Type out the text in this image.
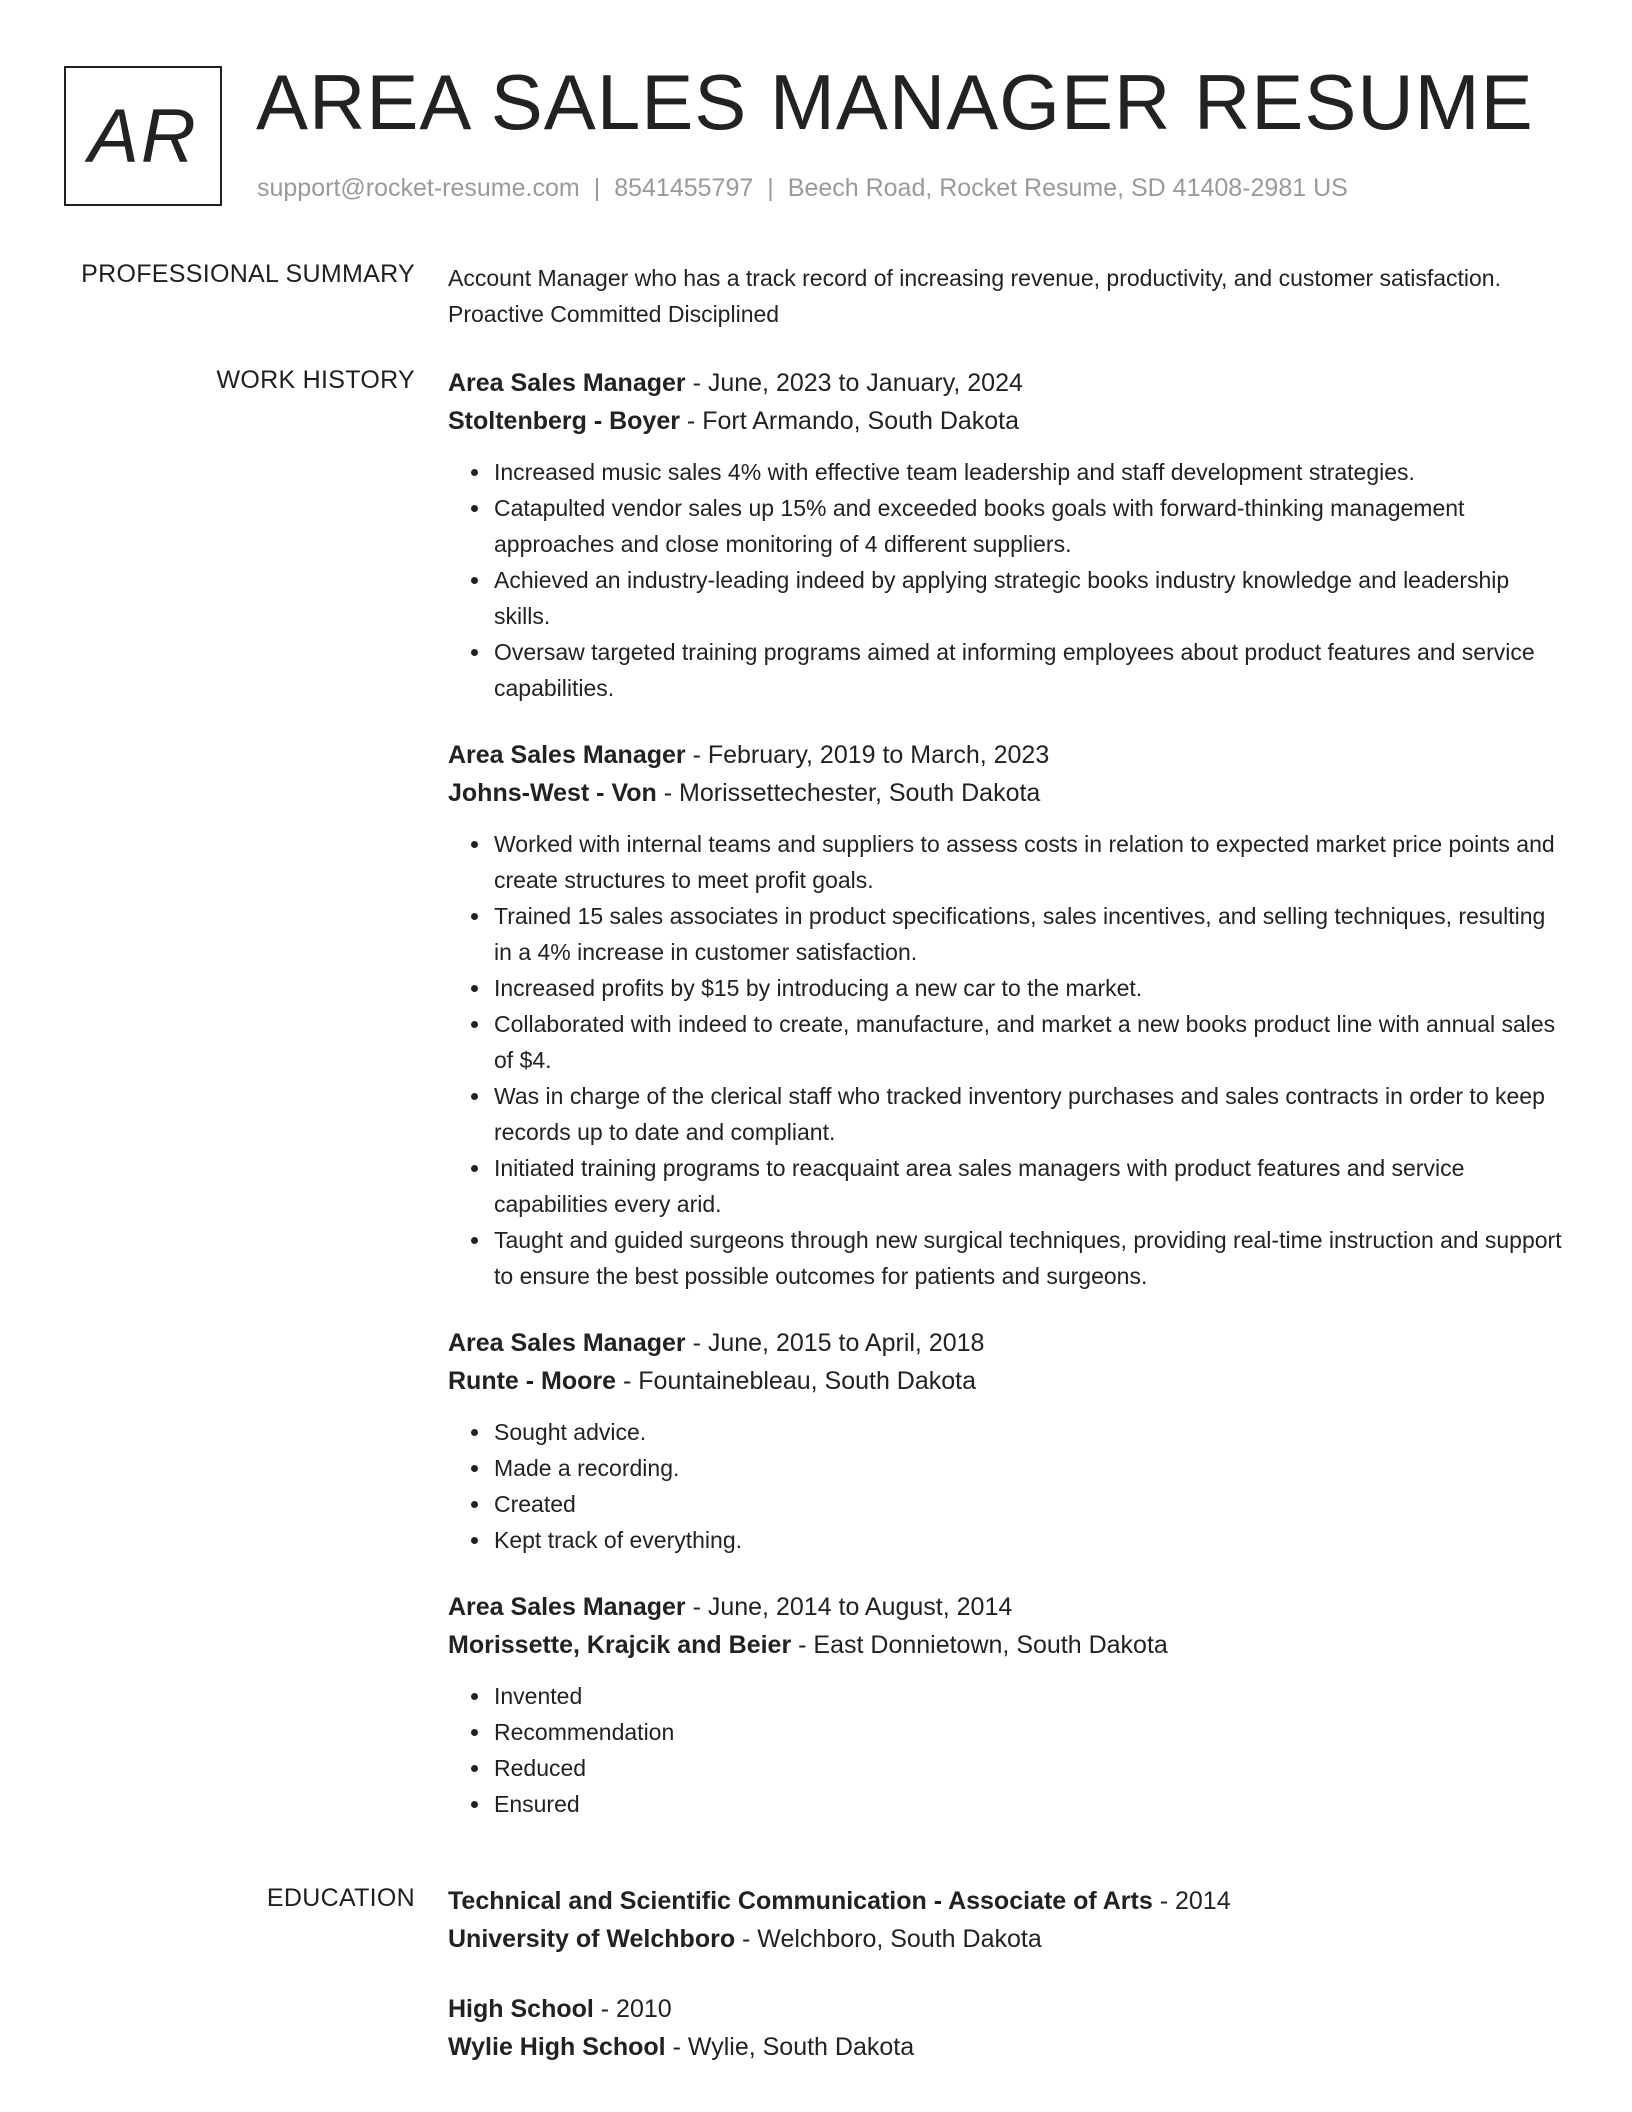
AR AREA SALES MANAGER RESUME
support@rocket-resume.com | 8541455797 | Beech Road, Rocket Resume, SD 41408-2981 US
PROFESSIONAL SUMMARY Account Manager who has a track record of increasing revenue, productivity, and customer satisfaction. Proactive Committed Disciplined

WORK HISTORY Area Sales Manager - June, 2023 to January, 2024
Stoltenberg - Boyer - Fort Armando, South Dakota
• Increased music sales 4% with effective team leadership and staff development strategies.
• Catapulted vendor sales up 15% and exceeded books goals with forward-thinking management approaches and close monitoring of 4 different suppliers.
• Achieved an industry-leading indeed by applying strategic books industry knowledge and leadership skills.
• Oversaw targeted training programs aimed at informing employees about product features and service capabilities.
Area Sales Manager - February, 2019 to March, 2023
Johns-West - Von - Morissettechester, South Dakota
• Worked with internal teams and suppliers to assess costs in relation to expected market price points and create structures to meet profit goals.
• Trained 15 sales associates in product specifications, sales incentives, and selling techniques, resulting in a 4% increase in customer satisfaction.
• Increased profits by $15 by introducing a new car to the market.
• Collaborated with indeed to create, manufacture, and market a new books product line with annual sales of $4.
• Was in charge of the clerical staff who tracked inventory purchases and sales contracts in order to keep records up to date and compliant.
• Initiated training programs to reacquaint area sales managers with product features and service capabilities every arid.
• Taught and guided surgeons through new surgical techniques, providing real-time instruction and support to ensure the best possible outcomes for patients and surgeons.
Area Sales Manager - June, 2015 to April, 2018
Runte - Moore - Fountainebleau, South Dakota
• Sought advice.
• Made a recording.
• Created
• Kept track of everything.
Area Sales Manager - June, 2014 to August, 2014
Morissette, Krajcik and Beier - East Donnietown, South Dakota
• Invented
• Recommendation
• Reduced
• Ensured
EDUCATION Technical and Scientific Communication - Associate of Arts - 2014
University of Welchboro - Welchboro, South Dakota
High School - 2010
Wylie High School - Wylie, South Dakota
